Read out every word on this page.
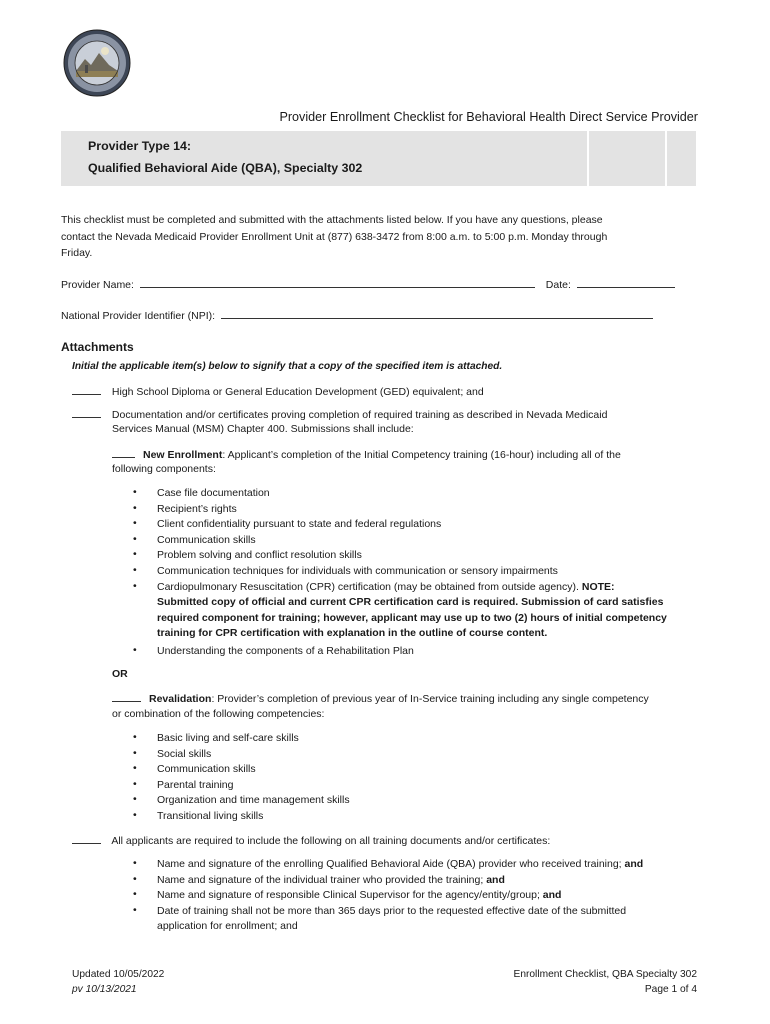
Provider Enrollment Checklist for Behavioral Health Direct Service Provider
Provider Type 14:
Qualified Behavioral Aide (QBA), Specialty 302
This checklist must be completed and submitted with the attachments listed below. If you have any questions, please
contact the Nevada Medicaid Provider Enrollment Unit at (877) 638-3472 from 8:00 a.m. to 5:00 p.m. Monday through
Friday.
Provider Name:	Date:
National Provider Identifier (NPI):
Attachments
Initial the applicable item(s) below to signify that a copy of the specified item is attached.
High School Diploma or General Education Development (GED) equivalent; and
Documentation and/or certificates proving completion of required training as described in Nevada Medicaid
Services Manual (MSM) Chapter 400. Submissions shall include:
New Enrollment: Applicant’s completion of the Initial Competency training (16-hour) including all of the
following components:
• Case file documentation
• Recipient’s rights
• Client confidentiality pursuant to state and federal regulations
• Communication skills
• Problem solving and conflict resolution skills
• Communication techniques for individuals with communication or sensory impairments
• Cardiopulmonary Resuscitation (CPR) certification (may be obtained from outside agency). NOTE:
Submitted copy of official and current CPR certification card is required. Submission of card satisfies
required component for training; however, applicant may use up to two (2) hours of initial competency
training for CPR certification with explanation in the outline of course content.
• Understanding the components of a Rehabilitation Plan
OR
Revalidation: Provider’s completion of previous year of In-Service training including any single competency
or combination of the following competencies:
• Basic living and self-care skills
• Social skills
• Communication skills
• Parental training
• Organization and time management skills
• Transitional living skills
All applicants are required to include the following on all training documents and/or certificates:
• Name and signature of the enrolling Qualified Behavioral Aide (QBA) provider who received training; and
• Name and signature of the individual trainer who provided the training; and
• Name and signature of responsible Clinical Supervisor for the agency/entity/group; and
• Date of training shall not be more than 365 days prior to the requested effective date of the submitted
application for enrollment; and
Updated 10/05/2022
pv 10/13/2021
Enrollment Checklist, QBA Specialty 302
Page 1 of 4
